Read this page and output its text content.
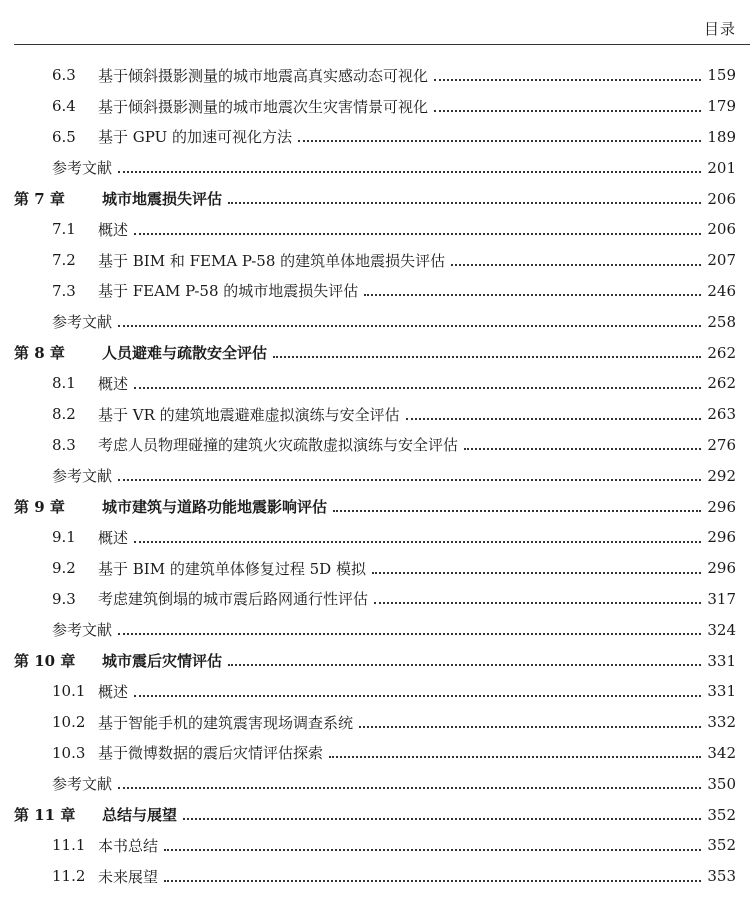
目录
6.3	基于倾斜摄影测量的城市地震高真实感动态可视化	159
6.4	基于倾斜摄影测量的城市地震次生灾害情景可视化	179
6.5	基于 GPU 的加速可视化方法	189
参考文献	201
第 7 章	城市地震损失评估	206
7.1	概述	206
7.2	基于 BIM 和 FEMA P-58 的建筑单体地震损失评估	207
7.3	基于 FEAM P-58 的城市地震损失评估	246
参考文献	258
第 8 章	人员避难与疏散安全评估	262
8.1	概述	262
8.2	基于 VR 的建筑地震避难虚拟演练与安全评估	263
8.3	考虑人员物理碰撞的建筑火灾疏散虚拟演练与安全评估	276
参考文献	292
第 9 章	城市建筑与道路功能地震影响评估	296
9.1	概述	296
9.2	基于 BIM 的建筑单体修复过程 5D 模拟	296
9.3	考虑建筑倒塌的城市震后路网通行性评估	317
参考文献	324
第 10 章	城市震后灾情评估	331
10.1 概述	331
10.2 基于智能手机的建筑震害现场调查系统	332
10.3 基于微博数据的震后灾情评估探索	342
参考文献	350
第 11 章	总结与展望	352
11.1 本书总结	352
11.2 未来展望	353
